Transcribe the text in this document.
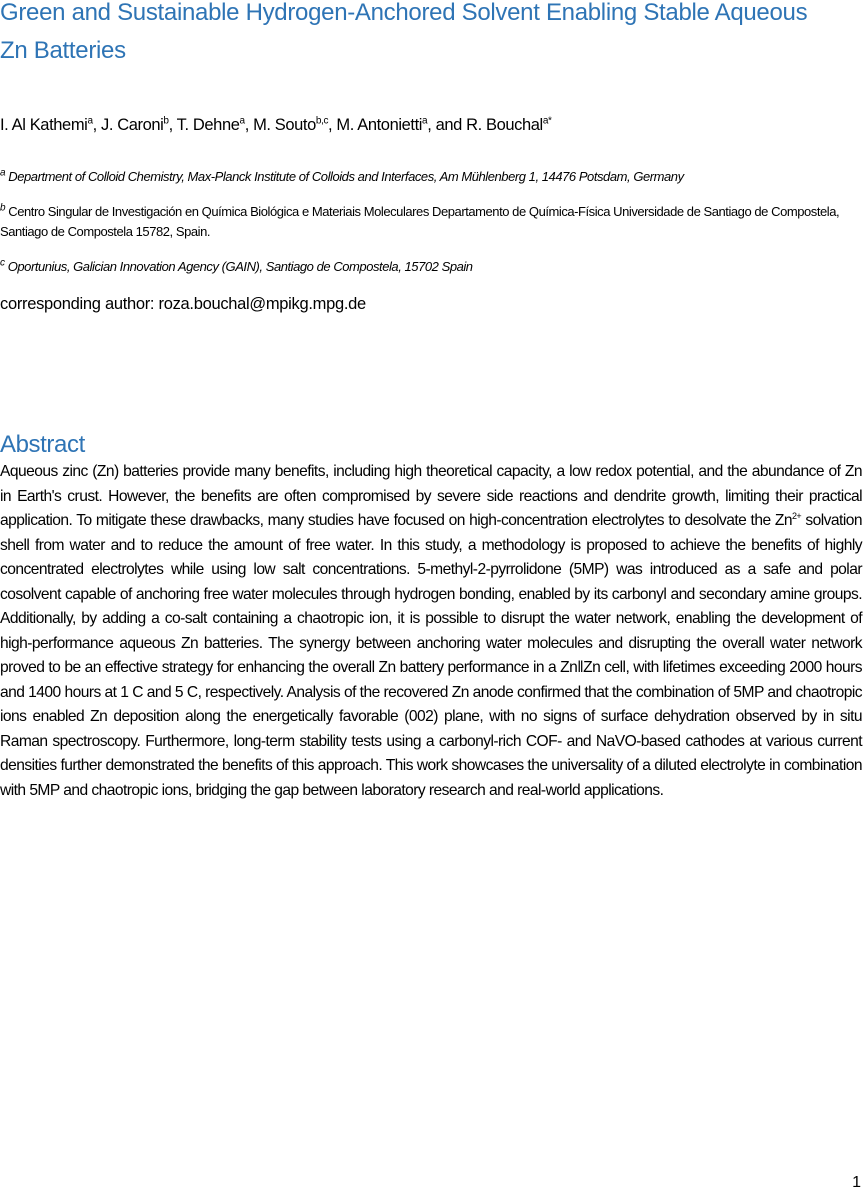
Green and Sustainable Hydrogen-Anchored Solvent Enabling Stable Aqueous Zn Batteries
I. Al Kathemi$^a$, J. Caroni$^b$, T. Dehne$^a$, M. Souto$^{b,c}$, M. Antonietti$^a$, and R. Bouchal$^{a*}$
$^a$ Department of Colloid Chemistry, Max-Planck Institute of Colloids and Interfaces, Am Mühlenberg 1, 14476 Potsdam, Germany
$^b$ Centro Singular de Investigación en Química Biológica e Materiais Moleculares Departamento de Química-Física Universidade de Santiago de Compostela, Santiago de Compostela 15782, Spain.
$^c$ Oportunius, Galician Innovation Agency (GAIN), Santiago de Compostela, 15702 Spain
corresponding author: roza.bouchal@mpikg.mpg.de
Abstract

Aqueous zinc (Zn) batteries provide many benefits, including high theoretical capacity, a low redox potential, and the abundance of Zn in Earth's crust. However, the benefits are often compromised by severe side reactions and dendrite growth, limiting their practical application. To mitigate these drawbacks, many studies have focused on high-concentration electrolytes to desolvate the $Zn^{2+}$ solvation shell from water and to reduce the amount of free water. In this study, a methodology is proposed to achieve the benefits of highly concentrated electrolytes while using low salt concentrations. 5-methyl-2-pyrrolidone (5MP) was introduced as a safe and polar cosolvent capable of anchoring free water molecules through hydrogen bonding, enabled by its carbonyl and secondary amine groups. Additionally, by adding a co-salt containing a chaotropic ion, it is possible to disrupt the water network, enabling the development of high-performance aqueous Zn batteries. The synergy between anchoring water molecules and disrupting the overall water network proved to be an effective strategy for enhancing the overall Zn battery performance in a Zn‖Zn cell, with lifetimes exceeding 2000 hours and 1400 hours at 1 C and 5 C, respectively. Analysis of the recovered Zn anode confirmed that the combination of 5MP and chaotropic ions enabled Zn deposition along the energetically favorable (002) plane, with no signs of surface dehydration observed by in situ Raman spectroscopy. Furthermore, long-term stability tests using a carbonyl-rich COF- and NaVO-based cathodes at various current densities further demonstrated the benefits of this approach. This work showcases the universality of a diluted electrolyte in combination with 5MP and chaotropic ions, bridging the gap between laboratory research and real-world applications.

1
